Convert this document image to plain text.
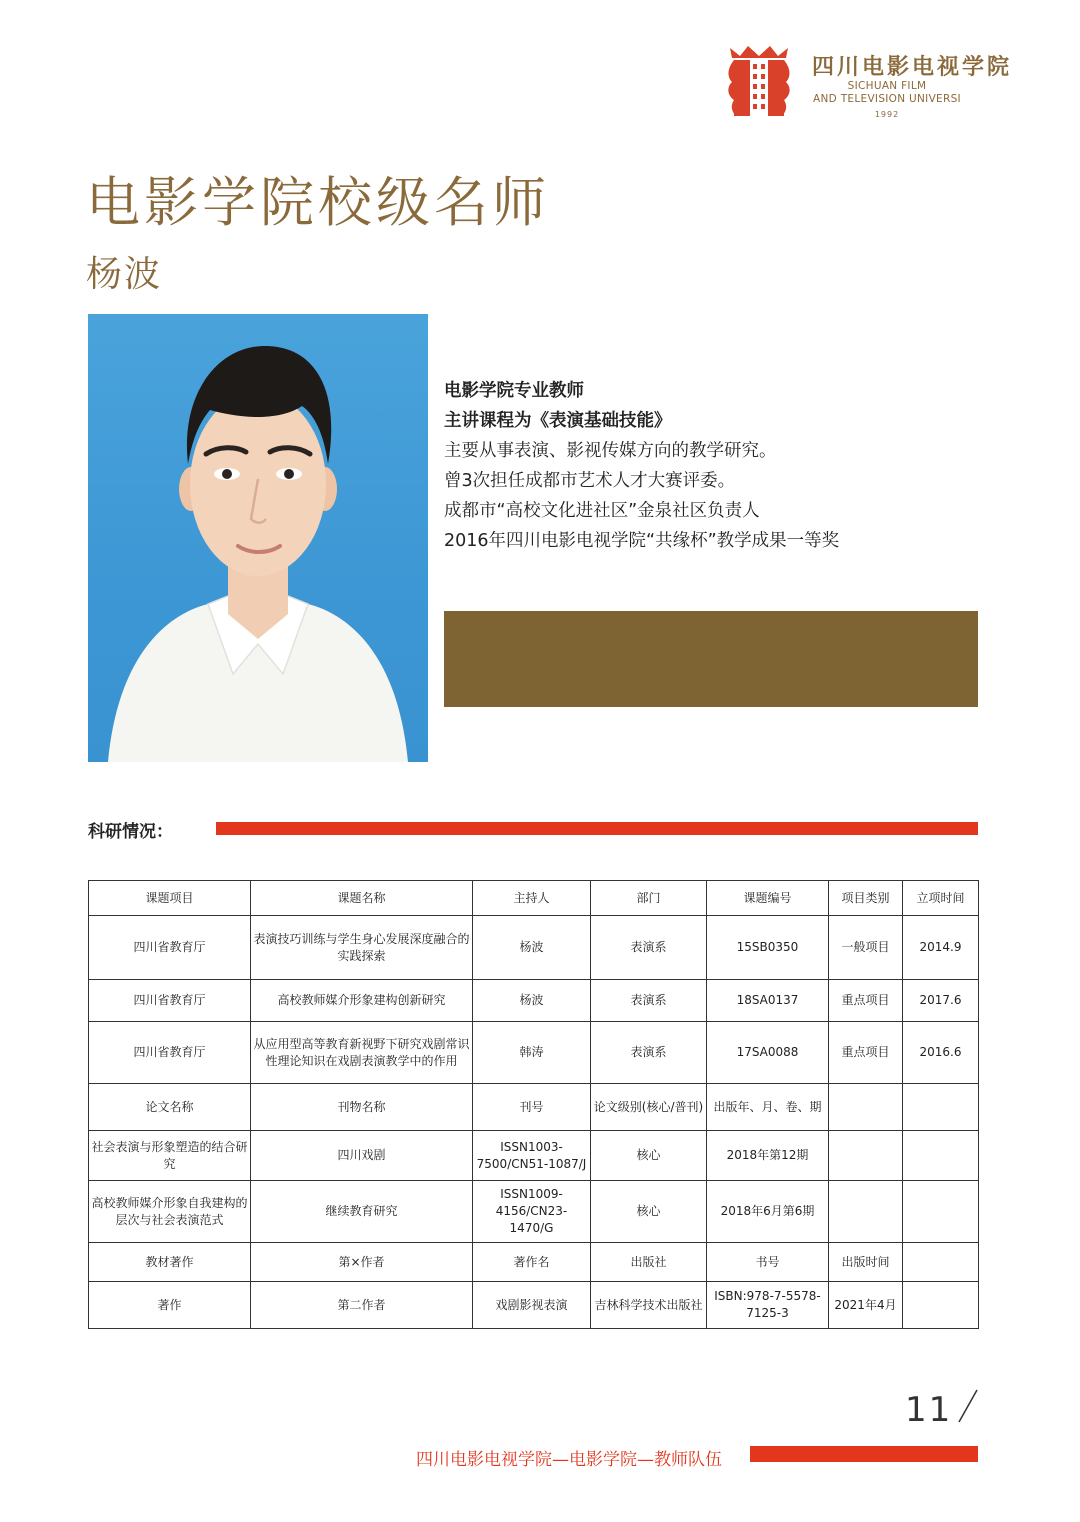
四川电影电视学院
SICHUAN FILM
AND TELEVISION UNIVERSI
1992
电影学院校级名师
杨波
电影学院专业教师
主讲课程为《表演基础技能》
主要从事表演、影视传媒方向的教学研究。
曾3次担任成都市艺术人才大赛评委。
成都市“高校文化进社区”金泉社区负责人
2016年四川电影电视学院“共缘杯”教学成果一等奖
科研情况：
课题项目	课题名称	主持人	部门	课题编号	项目类别	立项时间
四川省教育厅	表演技巧训练与学生身心发展深度融合的实践探索	杨波	表演系	15SB0350	一般项目	2014.9
四川省教育厅	高校教师媒介形象建构创新研究	杨波	表演系	18SA0137	重点项目	2017.6
四川省教育厅	从应用型高等教育新视野下研究戏剧常识性理论知识在戏剧表演教学中的作用	韩涛	表演系	17SA0088	重点项目	2016.6
论文名称	刊物名称	刊号	论文级别(核心/普刊)	出版年、月、卷、期		
社会表演与形象塑造的结合研究	四川戏剧	ISSN1003-7500/CN51-1087/J	核心	2018年第12期		
高校教师媒介形象自我建构的层次与社会表演范式	继续教育研究	ISSN1009-4156/CN23-1470/G	核心	2018年6月第6期		
教材著作	第×作者	著作名	出版社	书号	出版时间	
著作	第二作者	戏剧影视表演	吉林科学技术出版社	ISBN:978-7-5578-7125-3	2021年4月	
11
四川电影电视学院—电影学院—教师队伍
